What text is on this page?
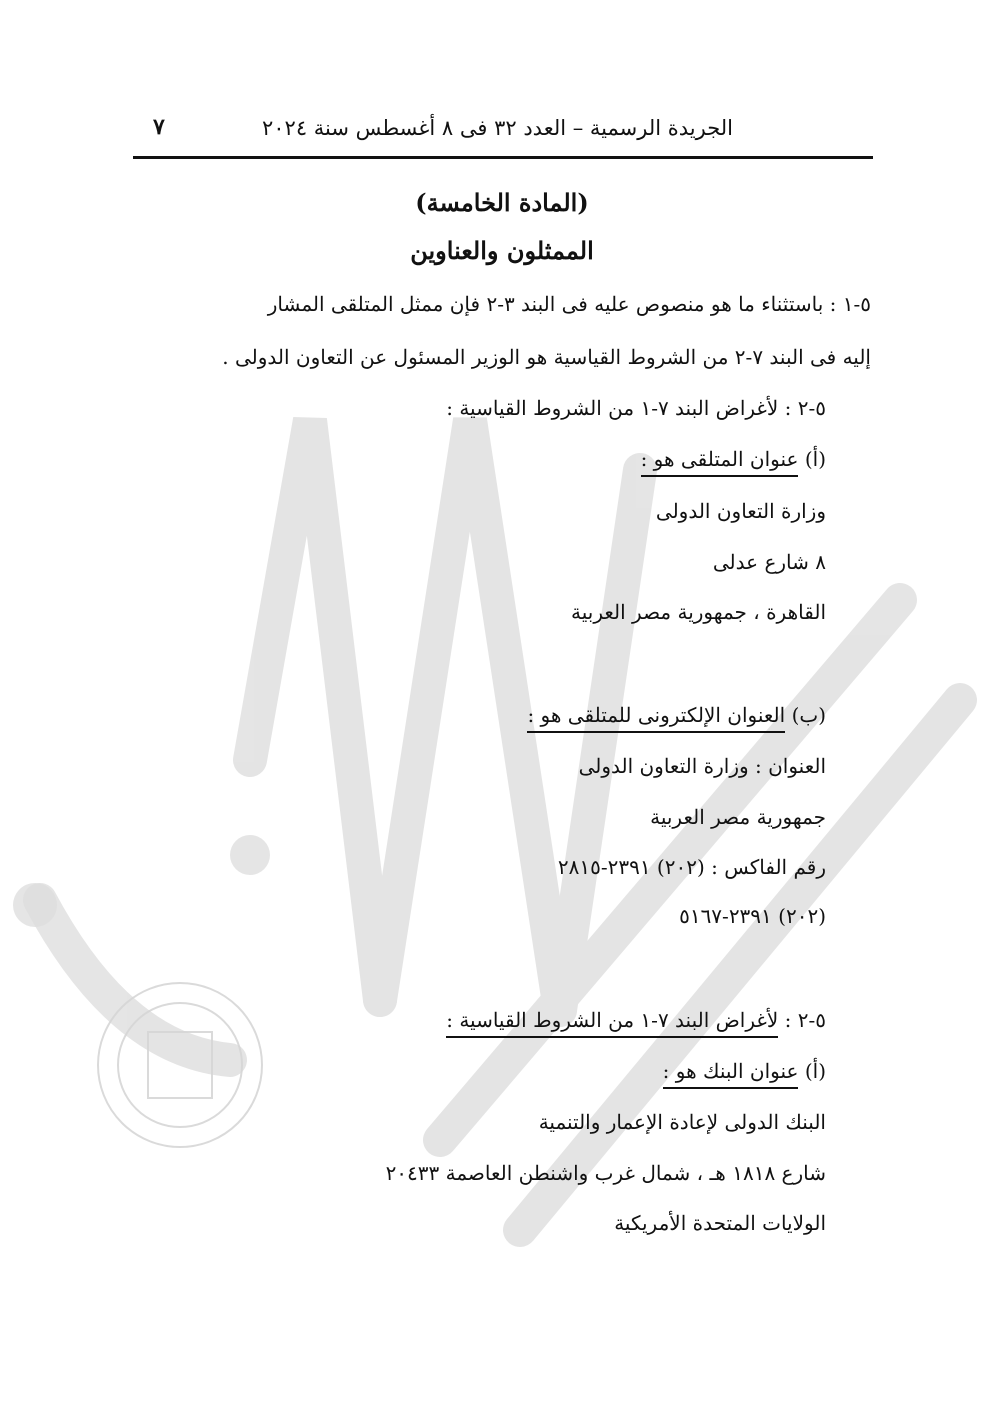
الجريدة الرسمية – العدد ٣٢ فى ٨ أغسطس سنة ٢٠٢٤
٧
(المادة الخامسة)
الممثلون والعناوين
٥-١ : باستثناء ما هو منصوص عليه فى البند ٣-٢ فإن ممثل المتلقى المشار
إليه فى البند ٧-٢ من الشروط القياسية هو الوزير المسئول عن التعاون الدولى .
٥-٢ : لأغراض البند ٧-١ من الشروط القياسية :
(أ) عنوان المتلقى هو :
وزارة التعاون الدولى
٨ شارع عدلى
القاهرة ، جمهورية مصر العربية
(ب) العنوان الإلكترونى للمتلقى هو :
العنوان : وزارة التعاون الدولى
جمهورية مصر العربية
رقم الفاكس : (٢٠٢) ٢٣٩١-٢٨١٥
(٢٠٢) ٢٣٩١-٥١٦٧
٥-٢ : لأغراض البند ٧-١ من الشروط القياسية :
(أ) عنوان البنك هو :
البنك الدولى لإعادة الإعمار والتنمية
شارع ١٨١٨ هـ ، شمال غرب واشنطن العاصمة ٢٠٤٣٣
الولايات المتحدة الأمريكية
